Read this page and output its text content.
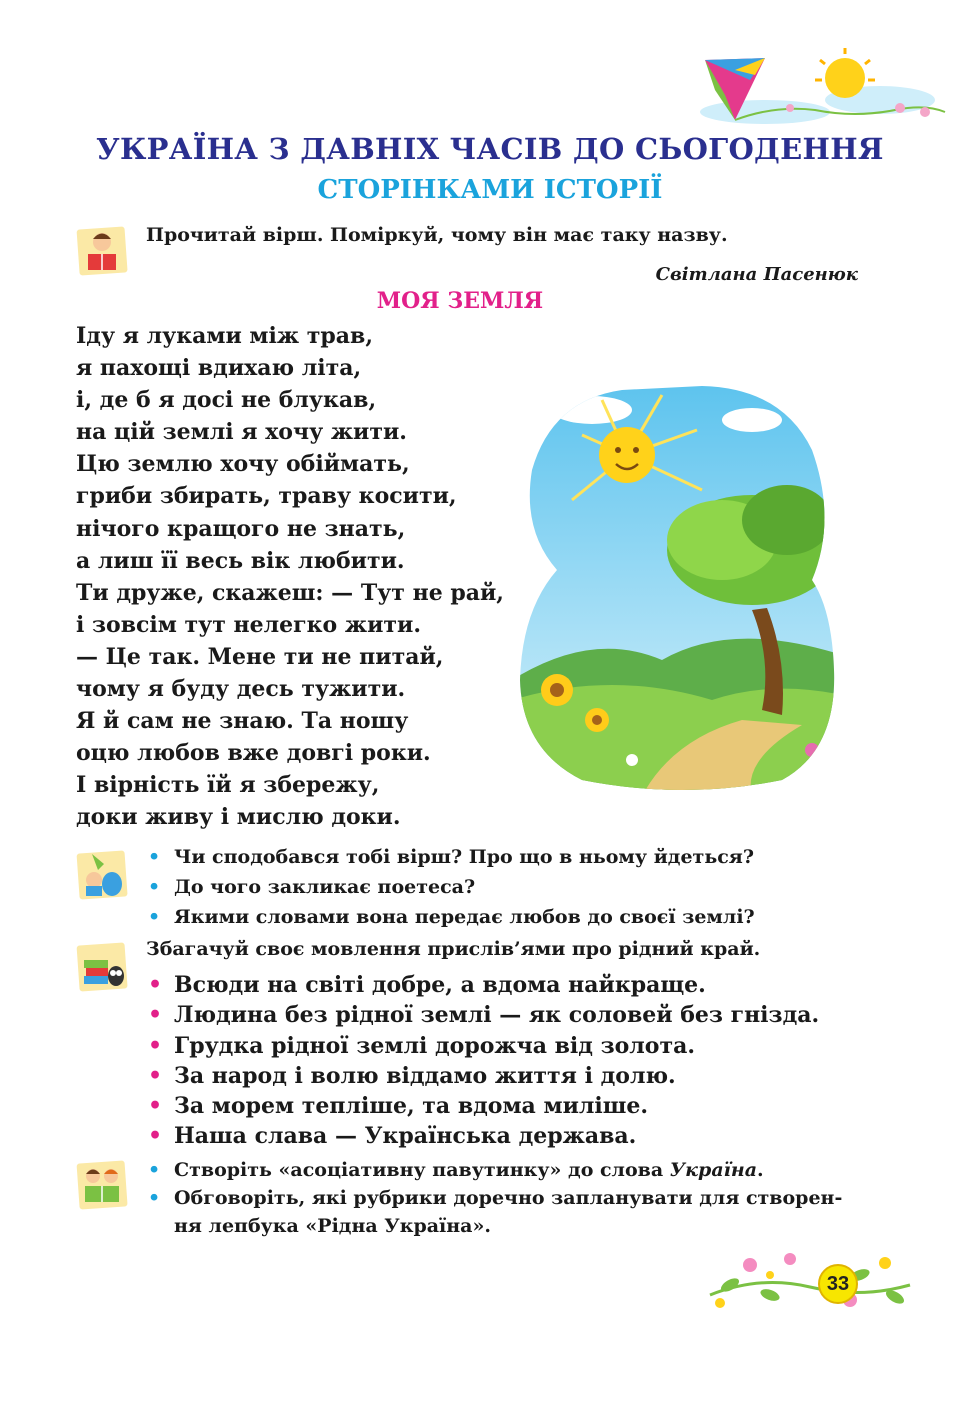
УКРАЇНА З ДАВНІХ ЧАСІВ ДО СЬОГОДЕННЯ
СТОРІНКАМИ ІСТОРІЇ
Прочитай вірш. Поміркуй, чому він має таку назву.
Світлана Пасенюк
МОЯ ЗЕМЛЯ
Іду я луками між трав,
я пахощі вдихаю літа,
і, де б я досі не блукав,
на цій землі я хочу жити.
Цю землю хочу обіймать,
гриби збирать, траву косити,
нічого кращого не знать,
а лиш її весь вік любити.
Ти друже, скажеш: — Тут не рай,
і зовсім тут нелегко жити.
— Це так. Мене ти не питай,
чому я буду десь тужити.
Я й сам не знаю. Та ношу
оцю любов вже довгі роки.
І вірність їй я збережу,
доки живу і мислю доки.
• Чи сподобався тобі вірш? Про що в ньому йдеться?
• До чого закликає поетеса?
• Якими словами вона передає любов до своєї землі?
Збагачуй своє мовлення прислів’ями про рідний край.
• Всюди на світі добре, а вдома найкраще.
• Людина без рідної землі — як соловей без гнізда.
• Грудка рідної землі дорожча від золота.
• За народ і волю віддамо життя і долю.
• За морем тепліше, та вдома миліше.
• Наша слава — Українська держава.
• Створіть «асоціативну павутинку» до слова Україна.
• Обговоріть, які рубрики доречно запланувати для створен-
ня лепбука «Рідна Україна».
33
